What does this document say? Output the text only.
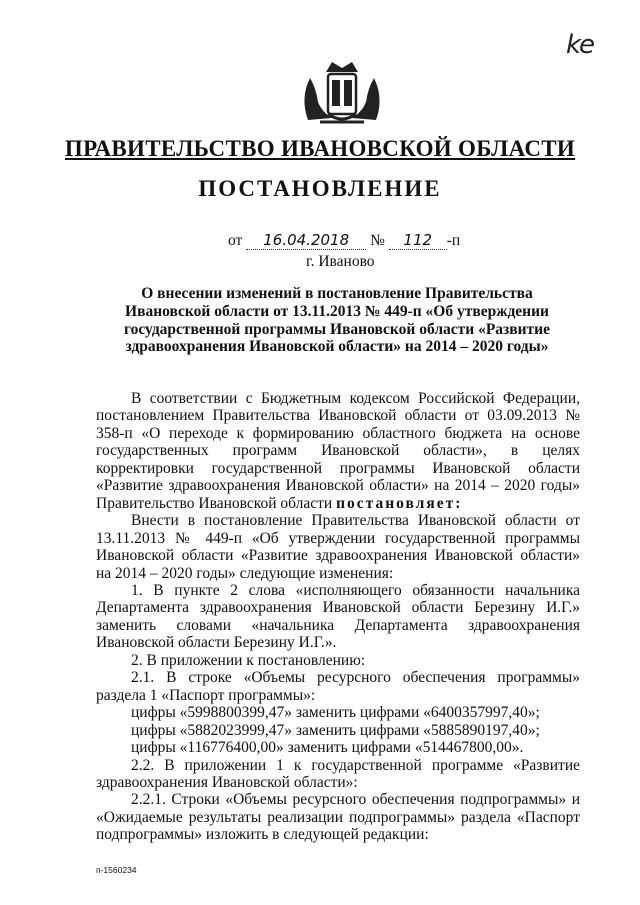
ke
ПРАВИТЕЛЬСТВО ИВАНОВСКОЙ ОБЛАСТИ
ПОСТАНОВЛЕНИЕ
от 16.04.2018 № 112 -п
г. Иваново
О внесении изменений в постановление Правительства Ивановской области от 13.11.2013 № 449-п «Об утверждении государственной программы Ивановской области «Развитие здравоохранения Ивановской области» на 2014 – 2020 годы»

В соответствии с Бюджетным кодексом Российской Федерации, постановлением Правительства Ивановской области от 03.09.2013 № 358-п «О переходе к формированию областного бюджета на основе государственных программ Ивановской области», в целях корректировки государственной программы Ивановской области «Развитие здравоохранения Ивановской области» на 2014 – 2020 годы» Правительство Ивановской области постановляет:

Внести в постановление Правительства Ивановской области от 13.11.2013 № 449-п «Об утверждении государственной программы Ивановской области «Развитие здравоохранения Ивановской области» на 2014 – 2020 годы» следующие изменения:

1. В пункте 2 слова «исполняющего обязанности начальника Департамента здравоохранения Ивановской области Березину И.Г.» заменить словами «начальника Департамента здравоохранения Ивановской области Березину И.Г.».

2. В приложении к постановлению:

2.1. В строке «Объемы ресурсного обеспечения программы» раздела 1 «Паспорт программы»:

цифры «5998800399,47» заменить цифрами «6400357997,40»;

цифры «5882023999,47» заменить цифрами «5885890197,40»;

цифры «116776400,00» заменить цифрами «514467800,00».

2.2. В приложении 1 к государственной программе «Развитие здравоохранения Ивановской области»:

2.2.1. Строки «Объемы ресурсного обеспечения подпрограммы» и «Ожидаемые результаты реализации подпрограммы» раздела «Паспорт подпрограммы» изложить в следующей редакции:

п-1560234
